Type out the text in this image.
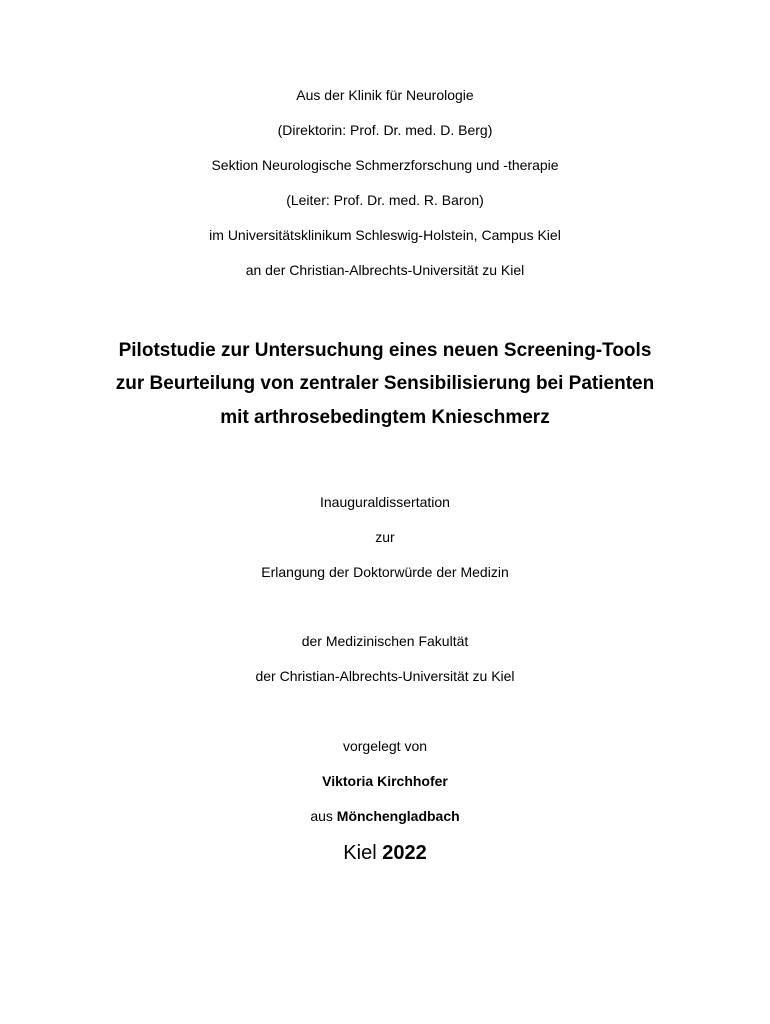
Aus der Klinik für Neurologie
(Direktorin: Prof. Dr. med. D. Berg)
Sektion Neurologische Schmerzforschung und -therapie
(Leiter: Prof. Dr. med. R. Baron)
im Universitätsklinikum Schleswig-Holstein, Campus Kiel
an der Christian-Albrechts-Universität zu Kiel
Pilotstudie zur Untersuchung eines neuen Screening-Tools
zur Beurteilung von zentraler Sensibilisierung bei Patienten
mit arthrosebedingtem Knieschmerz
Inauguraldissertation
zur
Erlangung der Doktorwürde der Medizin
der Medizinischen Fakultät
der Christian-Albrechts-Universität zu Kiel
vorgelegt von
Viktoria Kirchhofer
aus Mönchengladbach
Kiel 2022
